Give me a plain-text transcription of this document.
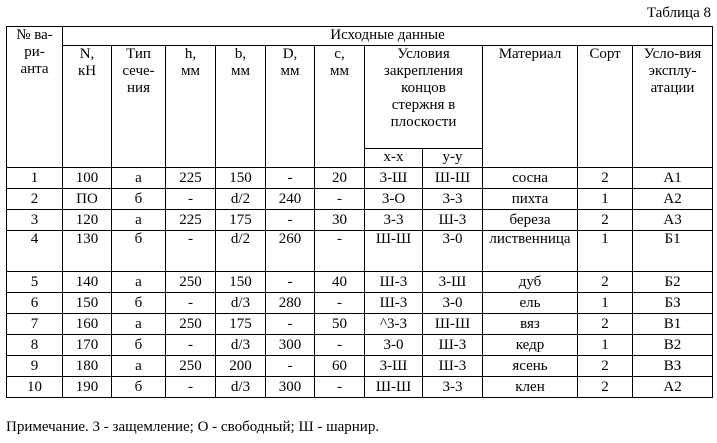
Таблица 8
№ ва-ри-анта	Исходные данные										
	N, кН	Тип сече-ния	h, мм	b, мм	D, мм	c, мм	Условия закрепления концов стержня в плоскости		Материал	Сорт	Усло-вия эксплу-атации
							x-x	y-y			
1	100	а	225	150	-	20	3-Ш	Ш-Ш	сосна	2	А1
2	ПО	б	-	d/2	240	-	3-О	3-3	пихта	1	А2
3	120	а	225	175	-	30	3-3	Ш-3	береза	2	А3
4	130	б	-	d/2	260	-	Ш-Ш	3-0	лиственница	1	Б1
5	140	а	250	150	-	40	Ш-3	3-Ш	дуб	2	Б2
6	150	б	-	d/3	280	-	Ш-3	3-0	ель	1	БЗ
7	160	а	250	175	-	50	^3-3	Ш-Ш	вяз	2	В1
8	170	б	-	d/3	300	-	3-0	Ш-3	кедр	1	В2
9	180	а	250	200	-	60	3-Ш	Ш-3	ясень	2	ВЗ
10	190	б	-	d/3	300	-	Ш-Ш	3-3	клен	2	А2
Примечание. 3 - защемление; О - свободный; Ш - шарнир.
